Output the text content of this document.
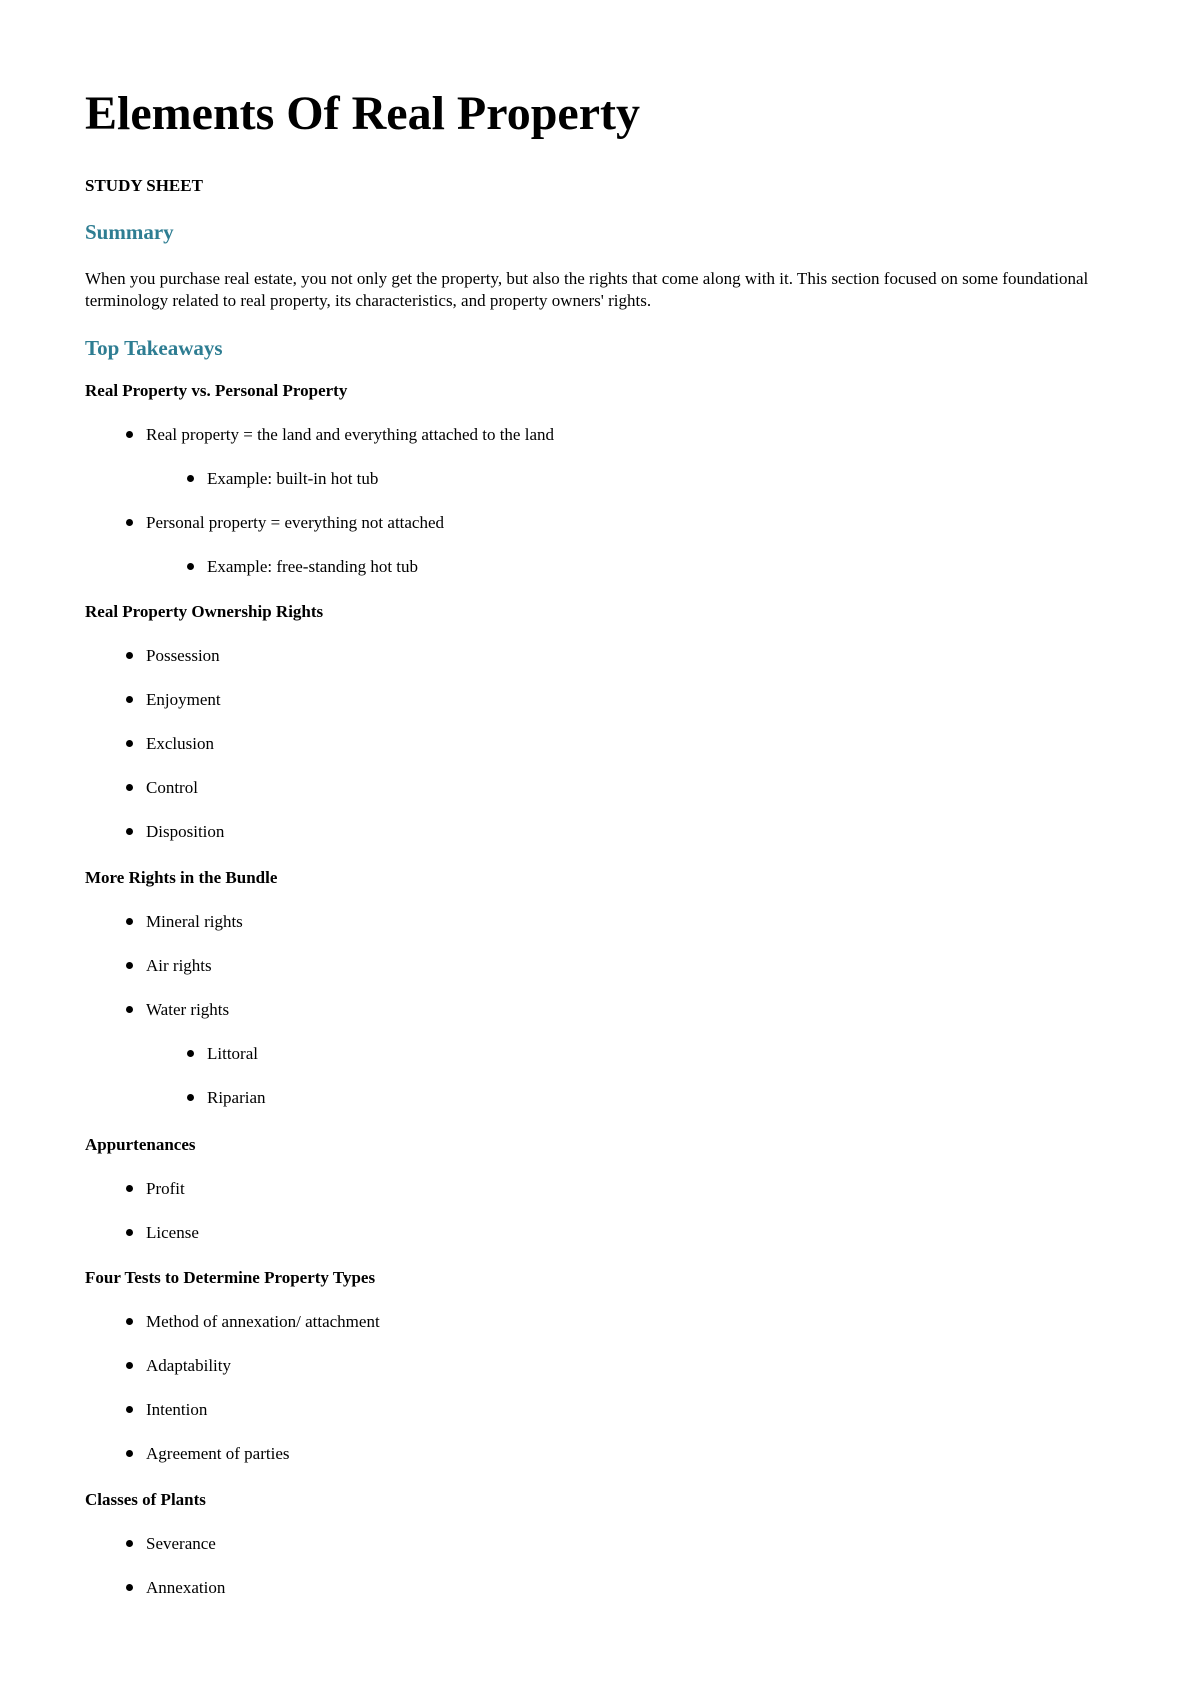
Elements Of Real Property
STUDY SHEET
Summary

When you purchase real estate, you not only get the property, but also the rights that come along with it. This section focused on some foundational terminology related to real property, its characteristics, and property owners' rights.

Top Takeaways
Real Property vs. Personal Property
Real property = the land and everything attached to the land
Example: built-in hot tub
Personal property = everything not attached
Example: free-standing hot tub
Real Property Ownership Rights
Possession
Enjoyment
Exclusion
Control
Disposition
More Rights in the Bundle
Mineral rights
Air rights
Water rights
Littoral
Riparian
Appurtenances
Profit
License
Four Tests to Determine Property Types
Method of annexation/ attachment
Adaptability
Intention
Agreement of parties
Classes of Plants
Severance
Annexation
